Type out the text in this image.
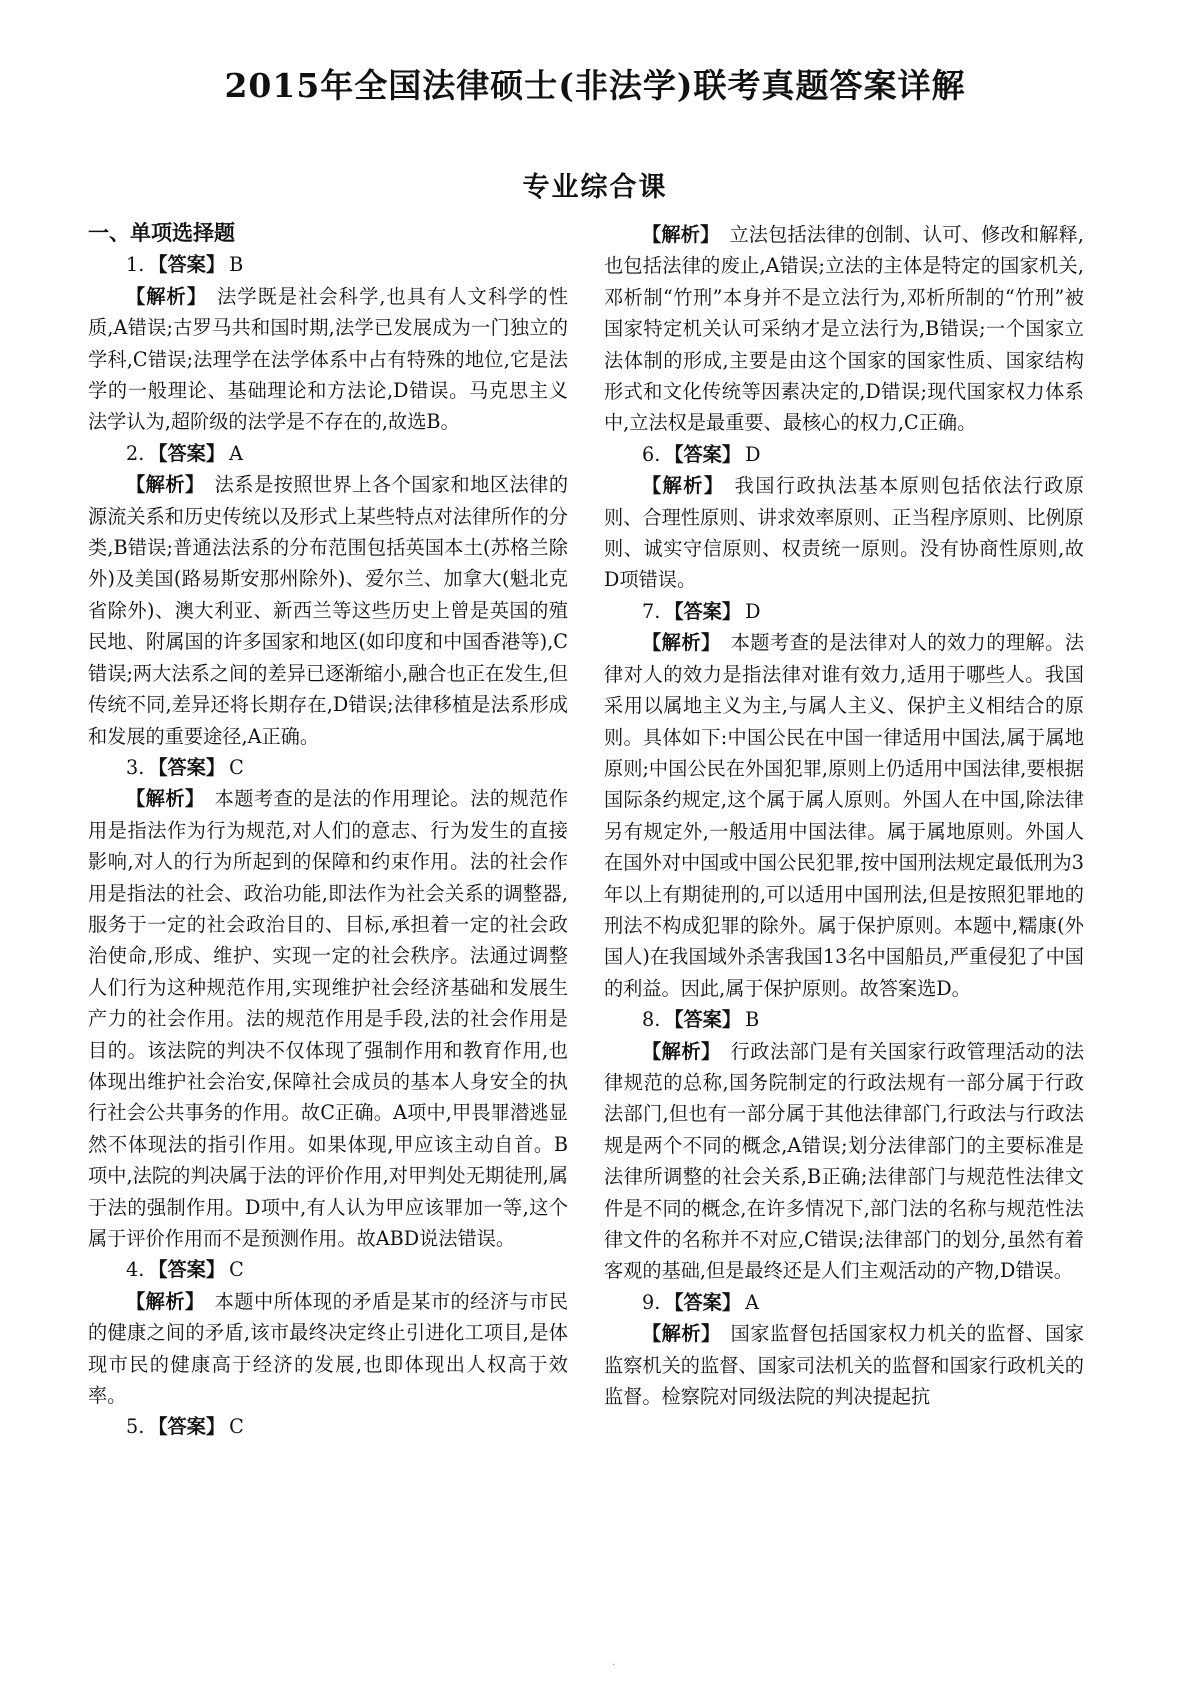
2015年全国法律硕士(非法学)联考真题答案详解
专业综合课

一、单项选择题

1. 【答案】 B

【解析】 法学既是社会科学,也具有人文科学的性质,A错误;古罗马共和国时期,法学已发展成为一门独立的学科,C错误;法理学在法学体系中占有特殊的地位,它是法学的一般理论、基础理论和方法论,D错误。马克思主义法学认为,超阶级的法学是不存在的,故选B。

2. 【答案】 A

【解析】 法系是按照世界上各个国家和地区法律的源流关系和历史传统以及形式上某些特点对法律所作的分类,B错误;普通法法系的分布范围包括英国本土(苏格兰除外)及美国(路易斯安那州除外)、爱尔兰、加拿大(魁北克省除外)、澳大利亚、新西兰等这些历史上曾是英国的殖民地、附属国的许多国家和地区(如印度和中国香港等),C错误;两大法系之间的差异已逐渐缩小,融合也正在发生,但传统不同,差异还将长期存在,D错误;法律移植是法系形成和发展的重要途径,A正确。

3. 【答案】 C

【解析】 本题考查的是法的作用理论。法的规范作用是指法作为行为规范,对人们的意志、行为发生的直接影响,对人的行为所起到的保障和约束作用。法的社会作用是指法的社会、政治功能,即法作为社会关系的调整器,服务于一定的社会政治目的、目标,承担着一定的社会政治使命,形成、维护、实现一定的社会秩序。法通过调整人们行为这种规范作用,实现维护社会经济基础和发展生产力的社会作用。法的规范作用是手段,法的社会作用是目的。该法院的判决不仅体现了强制作用和教育作用,也体现出维护社会治安,保障社会成员的基本人身安全的执行社会公共事务的作用。故C正确。A项中,甲畏罪潜逃显然不体现法的指引作用。如果体现,甲应该主动自首。B项中,法院的判决属于法的评价作用,对甲判处无期徒刑,属于法的强制作用。D项中,有人认为甲应该罪加一等,这个属于评价作用而不是预测作用。故ABD说法错误。

4. 【答案】 C

【解析】 本题中所体现的矛盾是某市的经济与市民的健康之间的矛盾,该市最终决定终止引进化工项目,是体现市民的健康高于经济的发展,也即体现出人权高于效率。

5. 【答案】 C

【解析】 立法包括法律的创制、认可、修改和解释,也包括法律的废止,A错误;立法的主体是特定的国家机关,邓析制“竹刑”本身并不是立法行为,邓析所制的“竹刑”被国家特定机关认可采纳才是立法行为,B错误;一个国家立法体制的形成,主要是由这个国家的国家性质、国家结构形式和文化传统等因素决定的,D错误;现代国家权力体系中,立法权是最重要、最核心的权力,C正确。

6. 【答案】 D

【解析】 我国行政执法基本原则包括依法行政原则、合理性原则、讲求效率原则、正当程序原则、比例原则、诚实守信原则、权责统一原则。没有协商性原则,故D项错误。

7. 【答案】 D

【解析】 本题考查的是法律对人的效力的理解。法律对人的效力是指法律对谁有效力,适用于哪些人。我国采用以属地主义为主,与属人主义、保护主义相结合的原则。具体如下:中国公民在中国一律适用中国法,属于属地原则;中国公民在外国犯罪,原则上仍适用中国法律,要根据国际条约规定,这个属于属人原则。外国人在中国,除法律另有规定外,一般适用中国法律。属于属地原则。外国人在国外对中国或中国公民犯罪,按中国刑法规定最低刑为3年以上有期徒刑的,可以适用中国刑法,但是按照犯罪地的刑法不构成犯罪的除外。属于保护原则。本题中,糯康(外国人)在我国域外杀害我国13名中国船员,严重侵犯了中国的利益。因此,属于保护原则。故答案选D。

8. 【答案】 B

【解析】 行政法部门是有关国家行政管理活动的法律规范的总称,国务院制定的行政法规有一部分属于行政法部门,但也有一部分属于其他法律部门,行政法与行政法规是两个不同的概念,A错误;划分法律部门的主要标准是法律所调整的社会关系,B正确;法律部门与规范性法律文件是不同的概念,在许多情况下,部门法的名称与规范性法律文件的名称并不对应,C错误;法律部门的划分,虽然有着客观的基础,但是最终还是人们主观活动的产物,D错误。

9. 【答案】 A

【解析】 国家监督包括国家权力机关的监督、国家监察机关的监督、国家司法机关的监督和国家行政机关的监督。检察院对同级法院的判决提起抗

·
